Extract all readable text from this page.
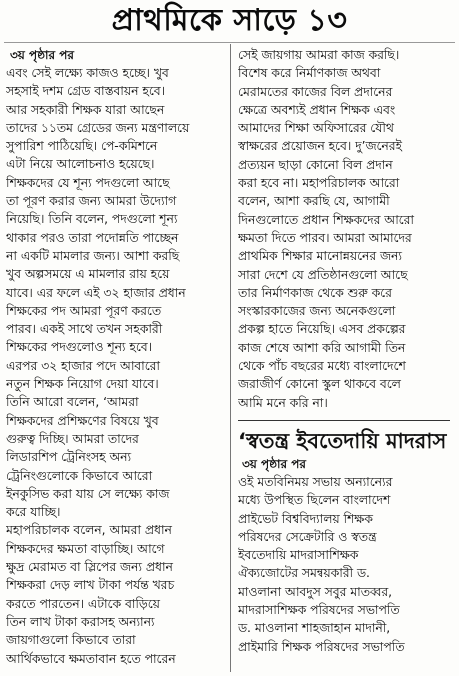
প্রাথমিকে সাড়ে ১৩
৩য় পৃষ্ঠার পর
এবং সেই লক্ষ্যে কাজও হচ্ছে। খুব
সহসাই দশম গ্রেড বাস্তবায়ন হবে।
আর সহকারী শিক্ষক যারা আছেন
তাদের ১১তম গ্রেডের জন্য মন্ত্রণালয়ে
সুপারিশ পাঠিয়েছি। পে-কমিশনে
এটা নিয়ে আলোচনাও হয়েছে।
শিক্ষকদের যে শূন্য পদগুলো আছে
তা পূরণ করার জন্য আমরা উদ্যোগ
নিয়েছি। তিনি বলেন, পদগুলো শূন্য
থাকার পরও তারা পদোন্নতি পাচ্ছেন
না একটি মামলার জন্য। আশা করছি
খুব অল্পসময়ে এ মামলার রায় হয়ে
যাবে। এর ফলে এই ৩২ হাজার প্রধান
শিক্ষকের পদ আমরা পূরণ করতে
পারব। একই সাথে তখন সহকারী
শিক্ষকের পদগুলোও শূন্য হবে।
এরপর ৩২ হাজার পদে আবারো
নতুন শিক্ষক নিয়োগ দেয়া যাবে।
তিনি আরো বলেন, ‘আমরা
শিক্ষকদের প্রশিক্ষণের বিষয়ে খুব
গুরুত্ব দিচ্ছি। আমরা তাদের
লিডারশিপ ট্রেনিংসহ অন্য
ট্রেনিংগুলোকে কিভাবে আরো
ইনকুসিভ করা যায় সে লক্ষ্যে কাজ
করে যাচ্ছি।
মহাপরিচালক বলেন, আমরা প্রধান
শিক্ষকদের ক্ষমতা বাড়াচ্ছি। আগে
ক্ষুদ্র মেরামত বা স্লিপের জন্য প্রধান
শিক্ষকরা দেড় লাখ টাকা পর্যন্ত খরচ
করতে পারতেন। এটাকে বাড়িয়ে
তিন লাখ টাকা করাসহ অন্যান্য
জায়গাগুলো কিভাবে তারা
আর্থিকভাবে ক্ষমতাবান হতে পারেন
সেই জায়গায় আমরা কাজ করছি।
বিশেষ করে নির্মাণকাজ অথবা
মেরামতের কাজের বিল প্রদানের
ক্ষেত্রে অবশ্যই প্রধান শিক্ষক এবং
আমাদের শিক্ষা অফিসারের যৌথ
স্বাক্ষরের প্রয়োজন হবে। দু’জনেরই
প্রত্যয়ন ছাড়া কোনো বিল প্রদান
করা হবে না। মহাপরিচালক আরো
বলেন, আশা করছি যে, আগামী
দিনগুলোতে প্রধান শিক্ষকদের আরো
ক্ষমতা দিতে পারব। আমরা আমাদের
প্রাথমিক শিক্ষার মানোন্নয়নের জন্য
সারা দেশে যে প্রতিষ্ঠানগুলো আছে
তার নির্মাণকাজ থেকে শুরু করে
সংস্কারকাজের জন্য অনেকগুলো
প্রকল্প হাতে নিয়েছি। এসব প্রকল্পের
কাজ শেষে আশা করি আগামী তিন
থেকে পাঁচ বছরের মধ্যে বাংলাদেশে
জরাজীর্ণ কোনো স্কুল থাকবে বলে
আমি মনে করি না।
‘স্বতন্ত্র ইবতেদায়ি মাদরাস
৩য় পৃষ্ঠার পর
ওই মতবিনিময় সভায় অন্যান্যের
মধ্যে উপস্থিত ছিলেন বাংলাদেশ
প্রাইভেট বিশ্ববিদ্যালয় শিক্ষক
পরিষদের সেক্রেটারি ও স্বতন্ত্র
ইবতেদায়ি মাদরাসাশিক্ষক
ঐক্যজোটের সমন্বয়কারী ড.
মাওলানা আবদুস সবুর মাতব্বর,
মাদরাসাশিক্ষক পরিষদের সভাপতি
ড. মাওলানা শাহজাহান মাদানী,
প্রাইমারি শিক্ষক পরিষদের সভাপতি
